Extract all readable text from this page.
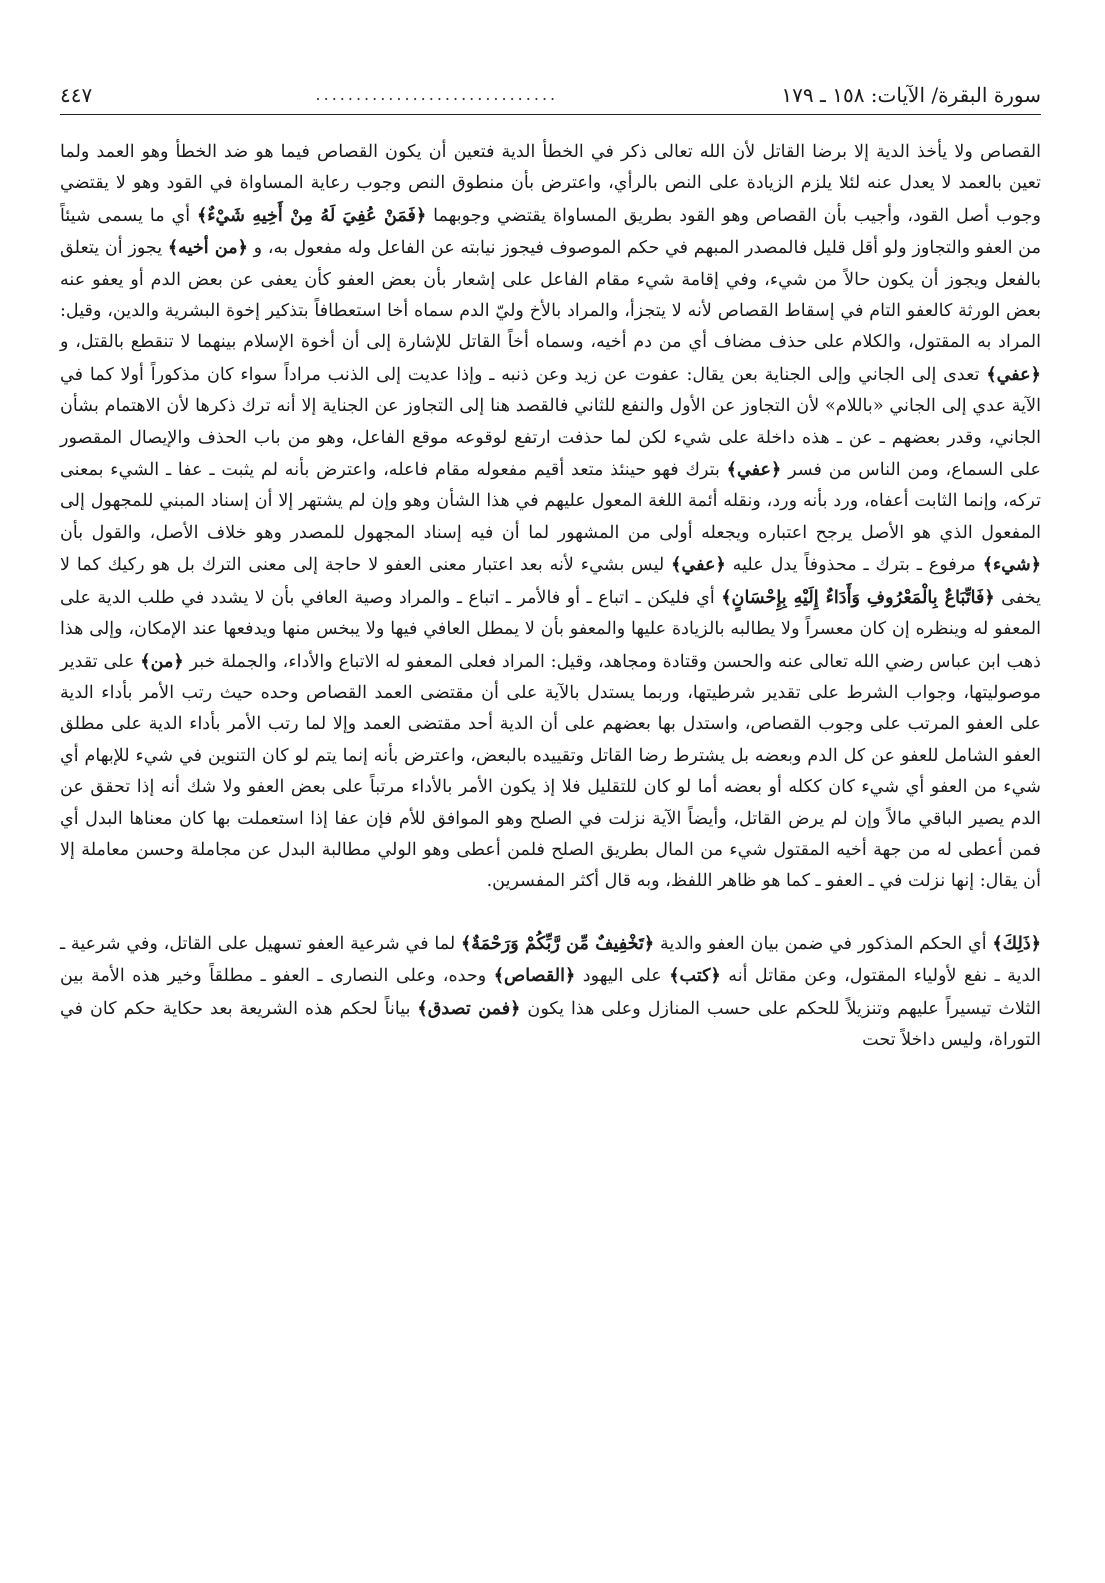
سورة البقرة/ الآيات: ١٥٨ ـ ١٧٩
..............................
٤٤٧

القصاص ولا يأخذ الدية إلا برضا القاتل لأن الله تعالى ذكر في الخطأ الدية فتعين أن يكون القصاص فيما هو ضد الخطأ وهو العمد ولما تعين بالعمد لا يعدل عنه لئلا يلزم الزيادة على النص بالرأي، واعترض بأن منطوق النص وجوب رعاية المساواة في القود وهو لا يقتضي وجوب أصل القود، وأجيب بأن القصاص وهو القود بطريق المساواة يقتضي وجوبهما ﴿فَمَنْ عُفِيَ لَهُ مِنْ أَخِيهِ شَيْءٌ﴾ أي ما يسمى شيئاً من العفو والتجاوز ولو أقل قليل فالمصدر المبهم في حكم الموصوف فيجوز نيابته عن الفاعل وله مفعول به، و ﴿من أخيه﴾ يجوز أن يتعلق بالفعل ويجوز أن يكون حالاً من شيء، وفي إقامة شيء مقام الفاعل على إشعار بأن بعض العفو كأن يعفى عن بعض الدم أو يعفو عنه بعض الورثة كالعفو التام في إسقاط القصاص لأنه لا يتجزأ، والمراد بالأخ وليّ الدم سماه أخا استعطافاً بتذكير إخوة البشرية والدين، وقيل: المراد به المقتول، والكلام على حذف مضاف أي من دم أخيه، وسماه أخاً القاتل للإشارة إلى أن أخوة الإسلام بينهما لا تنقطع بالقتل، و ﴿عفي﴾ تعدى إلى الجاني وإلى الجناية بعن يقال: عفوت عن زيد وعن ذنبه ـ وإذا عديت إلى الذنب مراداً سواء كان مذكوراً أولا كما في الآية عدي إلى الجاني «باللام» لأن التجاوز عن الأول والنفع للثاني فالقصد هنا إلى التجاوز عن الجناية إلا أنه ترك ذكرها لأن الاهتمام بشأن الجاني، وقدر بعضهم ـ عن ـ هذه داخلة على شيء لكن لما حذفت ارتفع لوقوعه موقع الفاعل، وهو من باب الحذف والإيصال المقصور على السماع، ومن الناس من فسر ﴿عفي﴾ بترك فهو حينئذ متعد أقيم مفعوله مقام فاعله، واعترض بأنه لم يثبت ـ عفا ـ الشيء بمعنى تركه، وإنما الثابت أعفاه، ورد بأنه ورد، ونقله أئمة اللغة المعول عليهم في هذا الشأن وهو وإن لم يشتهر إلا أن إسناد المبني للمجهول إلى المفعول الذي هو الأصل يرجح اعتباره ويجعله أولى من المشهور لما أن فيه إسناد المجهول للمصدر وهو خلاف الأصل، والقول بأن ﴿شيء﴾ مرفوع ـ بترك ـ محذوفاً يدل عليه ﴿عفي﴾ ليس بشيء لأنه بعد اعتبار معنى العفو لا حاجة إلى معنى الترك بل هو ركيك كما لا يخفى ﴿فَاتِّبَاعٌ بِالْمَعْرُوفِ وَأَدَاءٌ إِلَيْهِ بِإِحْسَانٍ﴾ أي فليكن ـ اتباع ـ أو فالأمر ـ اتباع ـ والمراد وصية العافي بأن لا يشدد في طلب الدية على المعفو له وينظره إن كان معسراً ولا يطالبه بالزيادة عليها والمعفو بأن لا يمطل العافي فيها ولا يبخس منها ويدفعها عند الإمكان، وإلى هذا ذهب ابن عباس رضي الله تعالى عنه والحسن وقتادة ومجاهد، وقيل: المراد فعلى المعفو له الاتباع والأداء، والجملة خبر ﴿من﴾ على تقدير موصوليتها، وجواب الشرط على تقدير شرطيتها، وربما يستدل بالآية على أن مقتضى العمد القصاص وحده حيث رتب الأمر بأداء الدية على العفو المرتب على وجوب القصاص، واستدل بها بعضهم على أن الدية أحد مقتضى العمد وإلا لما رتب الأمر بأداء الدية على مطلق العفو الشامل للعفو عن كل الدم وبعضه بل يشترط رضا القاتل وتقييده بالبعض، واعترض بأنه إنما يتم لو كان التنوين في شيء للإبهام أي شيء من العفو أي شيء كان ككله أو بعضه أما لو كان للتقليل فلا إذ يكون الأمر بالأداء مرتباً على بعض العفو ولا شك أنه إذا تحقق عن الدم يصير الباقي مالاً وإن لم يرض القاتل، وأيضاً الآية نزلت في الصلح وهو الموافق للأم فإن عفا إذا استعملت بها كان معناها البدل أي فمن أعطى له من جهة أخيه المقتول شيء من المال بطريق الصلح فلمن أعطى وهو الولي مطالبة البدل عن مجاملة وحسن معاملة إلا أن يقال: إنها نزلت في ـ العفو ـ كما هو ظاهر اللفظ، وبه قال أكثر المفسرين.

﴿ذَلِكَ﴾ أي الحكم المذكور في ضمن بيان العفو والدية ﴿تَخْفِيفٌ مِّن رَّبِّكُمْ وَرَحْمَةٌ﴾ لما في شرعية العفو تسهيل على القاتل، وفي شرعية ـ الدية ـ نفع لأولياء المقتول، وعن مقاتل أنه ﴿كتب﴾ على اليهود ﴿القصاص﴾ وحده، وعلى النصارى ـ العفو ـ مطلقاً وخير هذه الأمة بين الثلاث تيسيراً عليهم وتنزيلاً للحكم على حسب المنازل وعلى هذا يكون ﴿فمن تصدق﴾ بياناً لحكم هذه الشريعة بعد حكاية حكم كان في التوراة، وليس داخلاً تحت
